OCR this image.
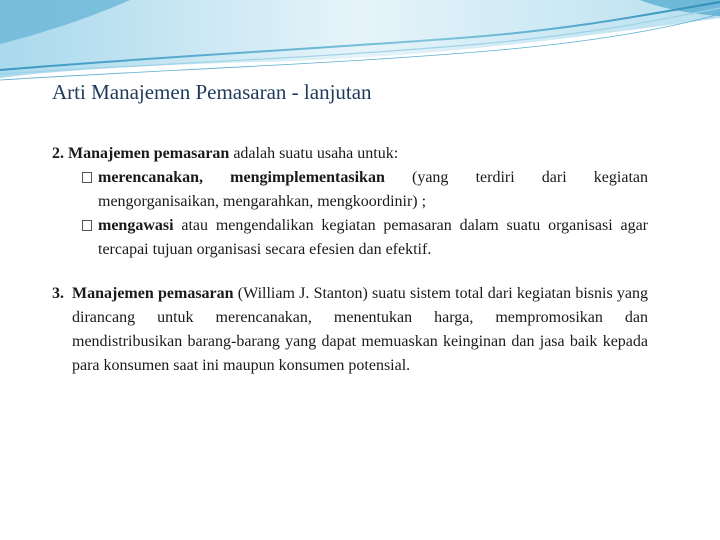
Arti Manajemen Pemasaran - lanjutan
2. Manajemen pemasaran adalah suatu usaha untuk:
merencanakan, mengimplementasikan (yang terdiri dari kegiatan mengorganisaikan, mengarahkan, mengkoordinir) ;
mengawasi atau mengendalikan kegiatan pemasaran dalam suatu organisasi agar tercapai tujuan organisasi secara efesien dan efektif.
3. Manajemen pemasaran (William J. Stanton) suatu sistem total dari kegiatan bisnis yang dirancang untuk merencanakan, menentukan harga, mempromosikan dan mendistribusikan barang-barang yang dapat memuaskan keinginan dan jasa baik kepada para konsumen saat ini maupun konsumen potensial.
